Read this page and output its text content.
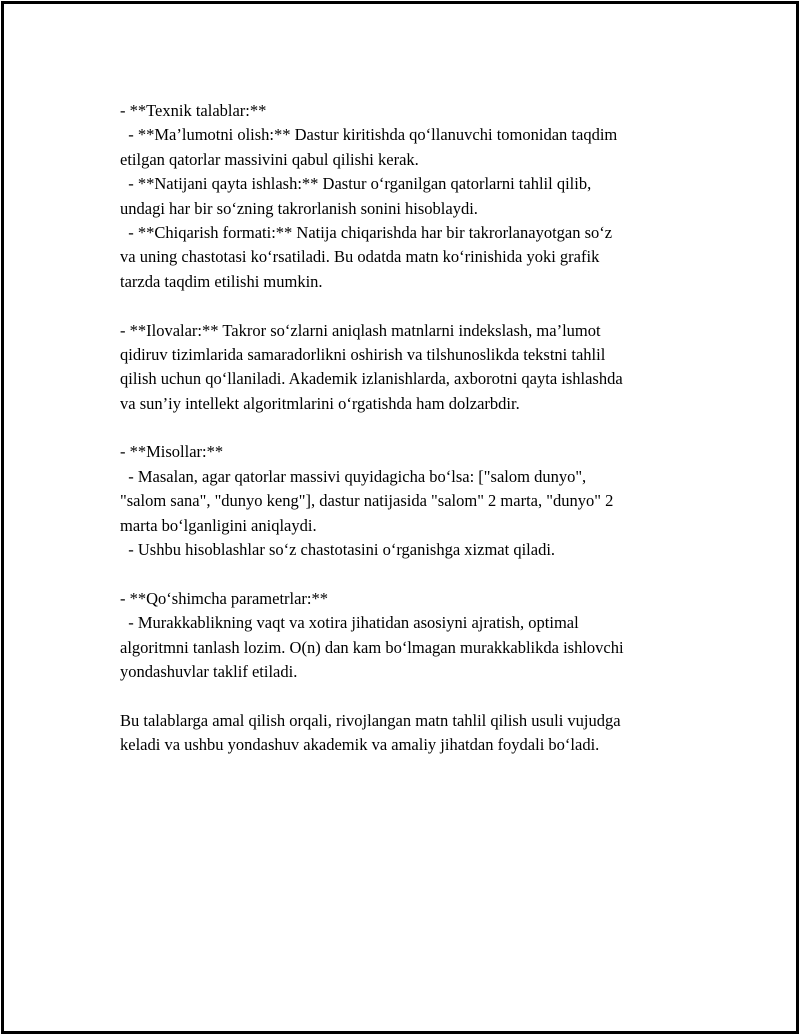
- **Texnik talablar:**
- **Ma’lumotni olish:** Dastur kiritishda qo‘llanuvchi tomonidan taqdim
etilgan qatorlar massivini qabul qilishi kerak.
- **Natijani qayta ishlash:** Dastur o‘rganilgan qatorlarni tahlil qilib,
undagi har bir so‘zning takrorlanish sonini hisoblaydi.
- **Chiqarish formati:** Natija chiqarishda har bir takrorlanayotgan so‘z
va uning chastotasi ko‘rsatiladi. Bu odatda matn ko‘rinishida yoki grafik
tarzda taqdim etilishi mumkin.
- **Ilovalar:** Takror so‘zlarni aniqlash matnlarni indekslash, ma’lumot
qidiruv tizimlarida samaradorlikni oshirish va tilshunoslikda tekstni tahlil
qilish uchun qo‘llaniladi. Akademik izlanishlarda, axborotni qayta ishlashda
va sun’iy intellekt algoritmlarini o‘rgatishda ham dolzarbdir.
- **Misollar:**
- Masalan, agar qatorlar massivi quyidagicha bo‘lsa: ["salom dunyo",
"salom sana", "dunyo keng"], dastur natijasida "salom" 2 marta, "dunyo" 2
marta bo‘lganligini aniqlaydi.
- Ushbu hisoblashlar so‘z chastotasini o‘rganishga xizmat qiladi.
- **Qo‘shimcha parametrlar:**
- Murakkablikning vaqt va xotira jihatidan asosiyni ajratish, optimal
algoritmni tanlash lozim. O(n) dan kam bo‘lmagan murakkablikda ishlovchi
yondashuvlar taklif etiladi.
Bu talablarga amal qilish orqali, rivojlangan matn tahlil qilish usuli vujudga
keladi va ushbu yondashuv akademik va amaliy jihatdan foydali bo‘ladi.
